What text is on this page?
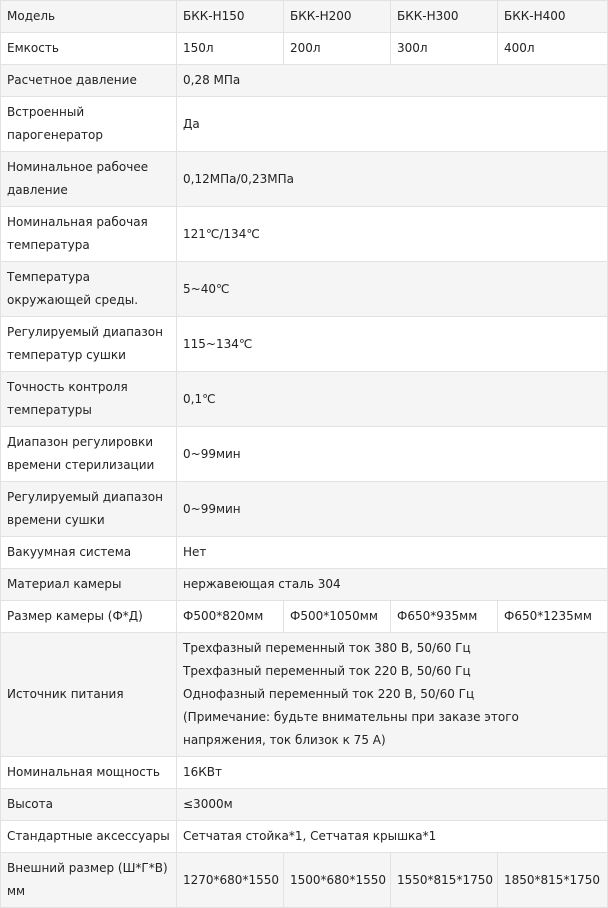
Модель	БКК-Н150	БКК-Н200	БКК-Н300	БКК-Н400
Емкость	150л	200л	300л	400л
Расчетное давление	0,28 МПа			
Встроенный парогенератор	Да			
Номинальное рабочее давление	0,12МПа/0,23МПа			
Номинальная рабочая температура	121℃/134℃			
Температура окружающей среды.	5~40℃			
Регулируемый диапазон температур сушки	115~134℃			
Точность контроля температуры	0,1℃			
Диапазон регулировки времени стерилизации	0~99мин			
Регулируемый диапазон времени сушки	0~99мин			
Вакуумная система	Нет			
Материал камеры	нержавеющая сталь 304			
Размер камеры (Ф*Д)	Ф500*820мм	Ф500*1050мм	Ф650*935мм	Ф650*1235мм
Источник питания	Трехфазный переменный ток 380 В, 50/60 Гц
Трехфазный переменный ток 220 В, 50/60 Гц
Однофазный переменный ток 220 В, 50/60 Гц
(Примечание: будьте внимательны при заказе этого напряжения, ток близок к 75 А)			

Номинальная мощность	16КВт			
Высота	≤3000м			
Стандартные аксессуары	Сетчатая стойка*1, Сетчатая крышка*1			
Внешний размер (Ш*Г*В) мм	1270*680*1550	1500*680*1550	1550*815*1750	1850*815*1750
